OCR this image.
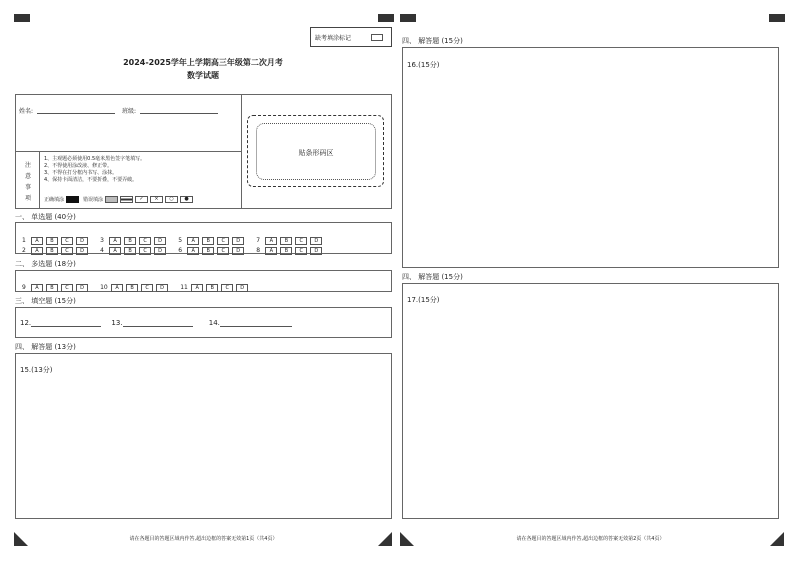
缺考填涂标记
2024-2025学年上学期高三年级第二次月考
数学试题
姓名:	班级:
贴条形码区
注
意
事
项
1、主观题必须使用0.5毫米黑色签字笔填写。
2、不得使用涂改液、修正带。
3、不得在打分框内书写、涂抹。
4、保持卡面清洁，不要折叠，不要弄破。
正确填涂	错误填涂	✓	×	○	●
一、 单选题 (40分)
1 A B C D	3 A B C D	5 A B C D	7 A B C D
2 A B C D	4 A B C D	6 A B C D	8 A B C D
二、 多选题 (18分)
9 A B C D	10 A B C D	11 A B C D
三、 填空题 (15分)
12.	13.	14.
四、 解答题 (13分)
15.(13分)
四、 解答题 (15分)
16.(15分)
四、 解答题 (15分)
17.(15分)
请在各题目的答题区域内作答,超出边框的答案无效第1页（共4页）	请在各题目的答题区域内作答,超出边框的答案无效第2页（共4页）
